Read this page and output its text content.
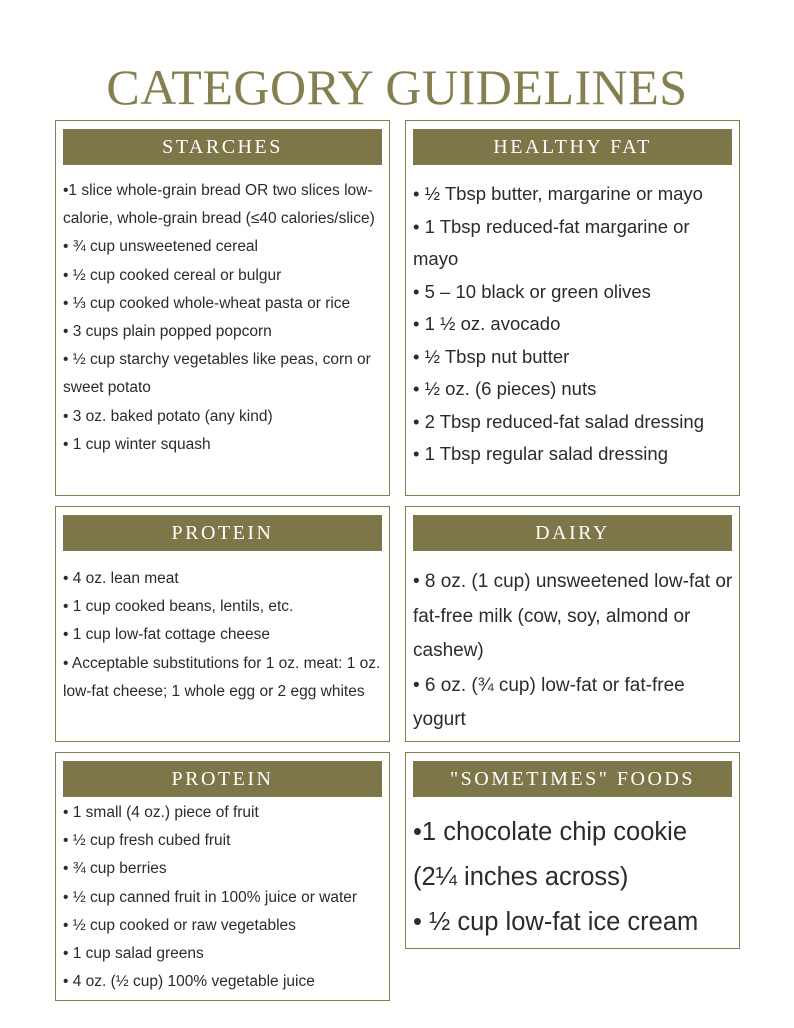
CATEGORY GUIDELINES
STARCHES
•1 slice whole-grain bread OR two slices low-calorie, whole-grain bread (≤40 calories/slice)
• ¾ cup unsweetened cereal
• ½ cup cooked cereal or bulgur
• ⅓ cup cooked whole-wheat pasta or rice
• 3 cups plain popped popcorn
• ½ cup starchy vegetables like peas, corn or sweet potato
• 3 oz. baked potato (any kind)
• 1 cup winter squash
HEALTHY FAT
• ½ Tbsp butter, margarine or mayo
• 1 Tbsp reduced-fat margarine or mayo
• 5 – 10 black or green olives
• 1 ½ oz. avocado
• ½ Tbsp nut butter
• ½ oz. (6 pieces) nuts
• 2 Tbsp reduced-fat salad dressing
• 1 Tbsp regular salad dressing
PROTEIN
• 4 oz. lean meat
• 1 cup cooked beans, lentils, etc.
• 1 cup low-fat cottage cheese
• Acceptable substitutions for 1 oz. meat: 1 oz. low-fat cheese; 1 whole egg or 2 egg whites
DAIRY
• 8 oz. (1 cup) unsweetened low-fat or fat-free milk (cow, soy, almond or cashew)
• 6 oz. (¾ cup) low-fat or fat-free yogurt
PROTEIN
• 1 small (4 oz.) piece of fruit
• ½ cup fresh cubed fruit
• ¾ cup berries
• ½ cup canned fruit in 100% juice or water
• ½ cup cooked or raw vegetables
• 1 cup salad greens
• 4 oz. (½ cup) 100% vegetable juice
"SOMETIMES" FOODS
•1 chocolate chip cookie (2¼ inches across)
• ½ cup low-fat ice cream
